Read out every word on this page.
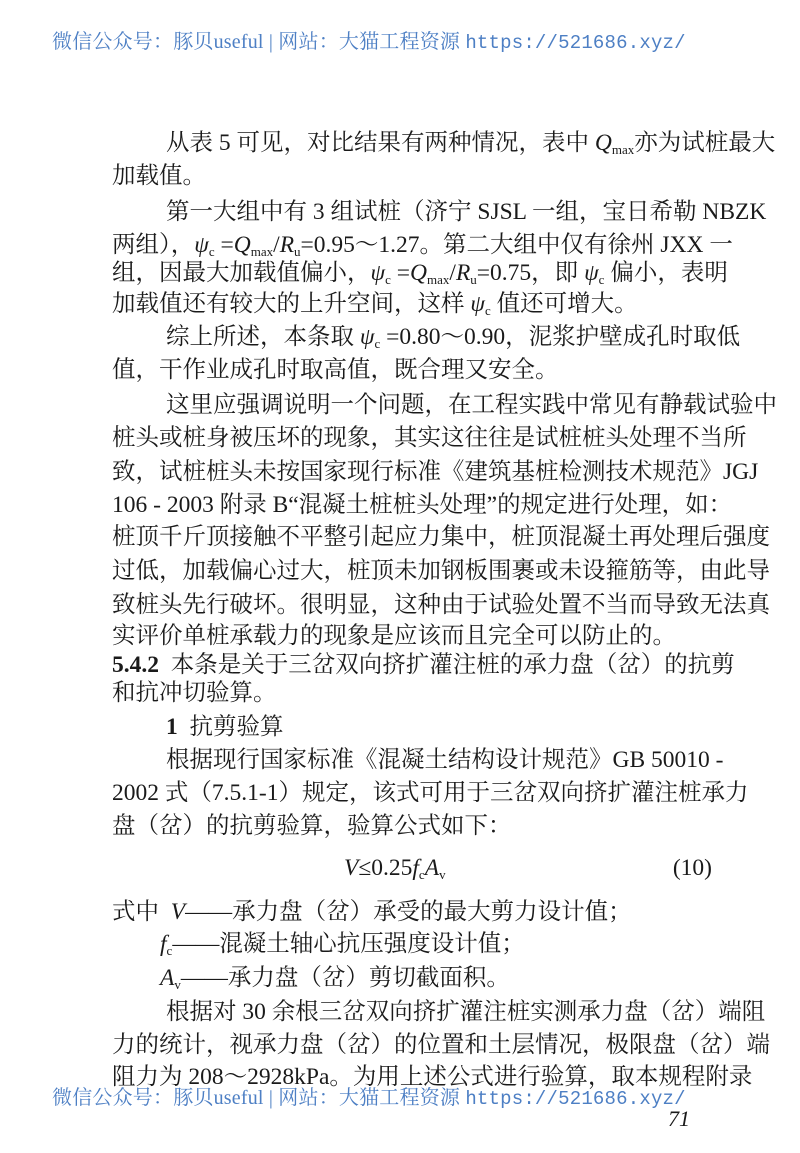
微信公众号：豚贝useful | 网站：大猫工程资源 https://521686.xyz/
从表 5 可见，对比结果有两种情况，表中 $Q_{max}$亦为试桩最大
加载值。
第一大组中有 3 组试桩（济宁 SJSL 一组，宝日希勒 NBZK
两组），$\psi_c$ $=Q_{max}/R_u=0.95\sim 1.27$。第二大组中仅有徐州 JXX 一
组，因最大加载值偏小，$\psi_c =Q_{max}/R_u=0.75$，即 $\psi_c$ 偏小，表明
加载值还有较大的上升空间，这样 $\psi_c$ 值还可增大。
综上所述，本条取 $\psi_c$ =0.80～0.90，泥浆护壁成孔时取低
值，干作业成孔时取高值，既合理又安全。
这里应强调说明一个问题，在工程实践中常见有静载试验中
桩头或桩身被压坏的现象，其实这往往是试桩桩头处理不当所
致，试桩桩头未按国家现行标准《建筑基桩检测技术规范》JGJ
106 - 2003 附录 B“混凝土桩桩头处理”的规定进行处理，如：
桩顶千斤顶接触不平整引起应力集中，桩顶混凝土再处理后强度
过低，加载偏心过大，桩顶未加钢板围裹或未设箍筋等，由此导
致桩头先行破坏。很明显，这种由于试验处置不当而导致无法真
实评价单桩承载力的现象是应该而且完全可以防止的。
5.4.2  本条是关于三岔双向挤扩灌注桩的承力盘（岔）的抗剪
和抗冲切验算。
1  抗剪验算
根据现行国家标准《混凝土结构设计规范》GB 50010 -
2002 式（7.5.1-1）规定，该式可用于三岔双向挤扩灌注桩承力
盘（岔）的抗剪验算，验算公式如下：
$V\le 0.25f_cA_v$	(10)
式中  V——承力盘（岔）承受的最大剪力设计值；
$f_c——$混凝土轴心抗压强度设计值；
$A_v——$承力盘（岔）剪切截面积。
根据对 30 余根三岔双向挤扩灌注桩实测承力盘（岔）端阻
力的统计，视承力盘（岔）的位置和土层情况，极限盘（岔）端
阻力为 208～2928kPa。为用上述公式进行验算，取本规程附录
微信公众号：豚贝useful | 网站：大猫工程资源 https://521686.xyz/
71
